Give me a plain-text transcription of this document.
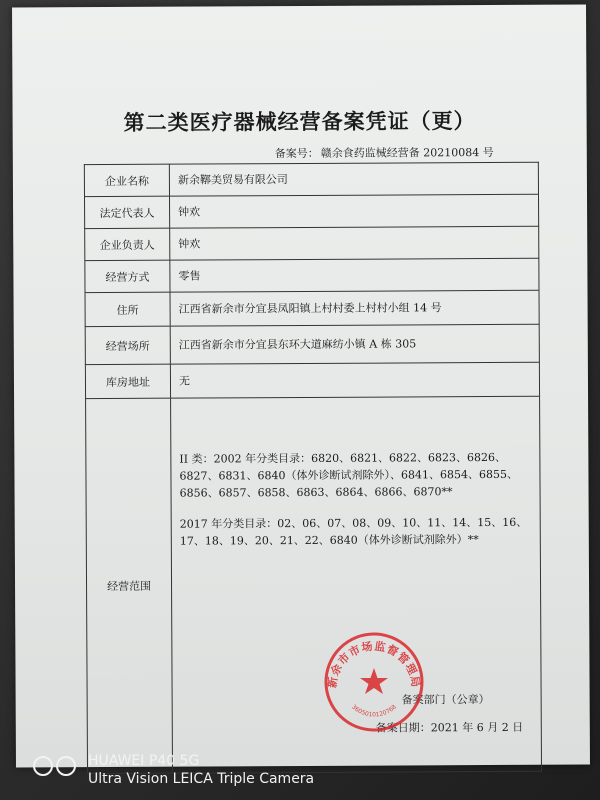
第二类医疗器械经营备案凭证（更）
备案号： 赣余食药监械经营备 20210084 号
企业名称	新余鞹美贸易有限公司
法定代表人	钟欢
企业负责人	钟欢
经营方式	零售
住所	江西省新余市分宜县凤阳镇上村村委上村村小组 14 号
经营场所	江西省新余市分宜县东环大道麻纺小镇 A 栋 305
库房地址	无
经营范围	II 类：2002 年分类目录：6820、6821、6822、6823、6826、6827、6831、6840（体外诊断试剂除外）、6841、6854、6855、6856、6857、6858、6863、6864、6866、6870**
2017 年分类目录：02、06、07、08、09、10、11、14、15、16、17、18、19、20、21、22、6840（体外诊断试剂除外）**
备案部门（公章）
备案日期：2021 年 6 月 2 日
新余市市场监督管理局
3605010120768
HUAWEI P40 5G
Ultra Vision LEICA Triple Camera
